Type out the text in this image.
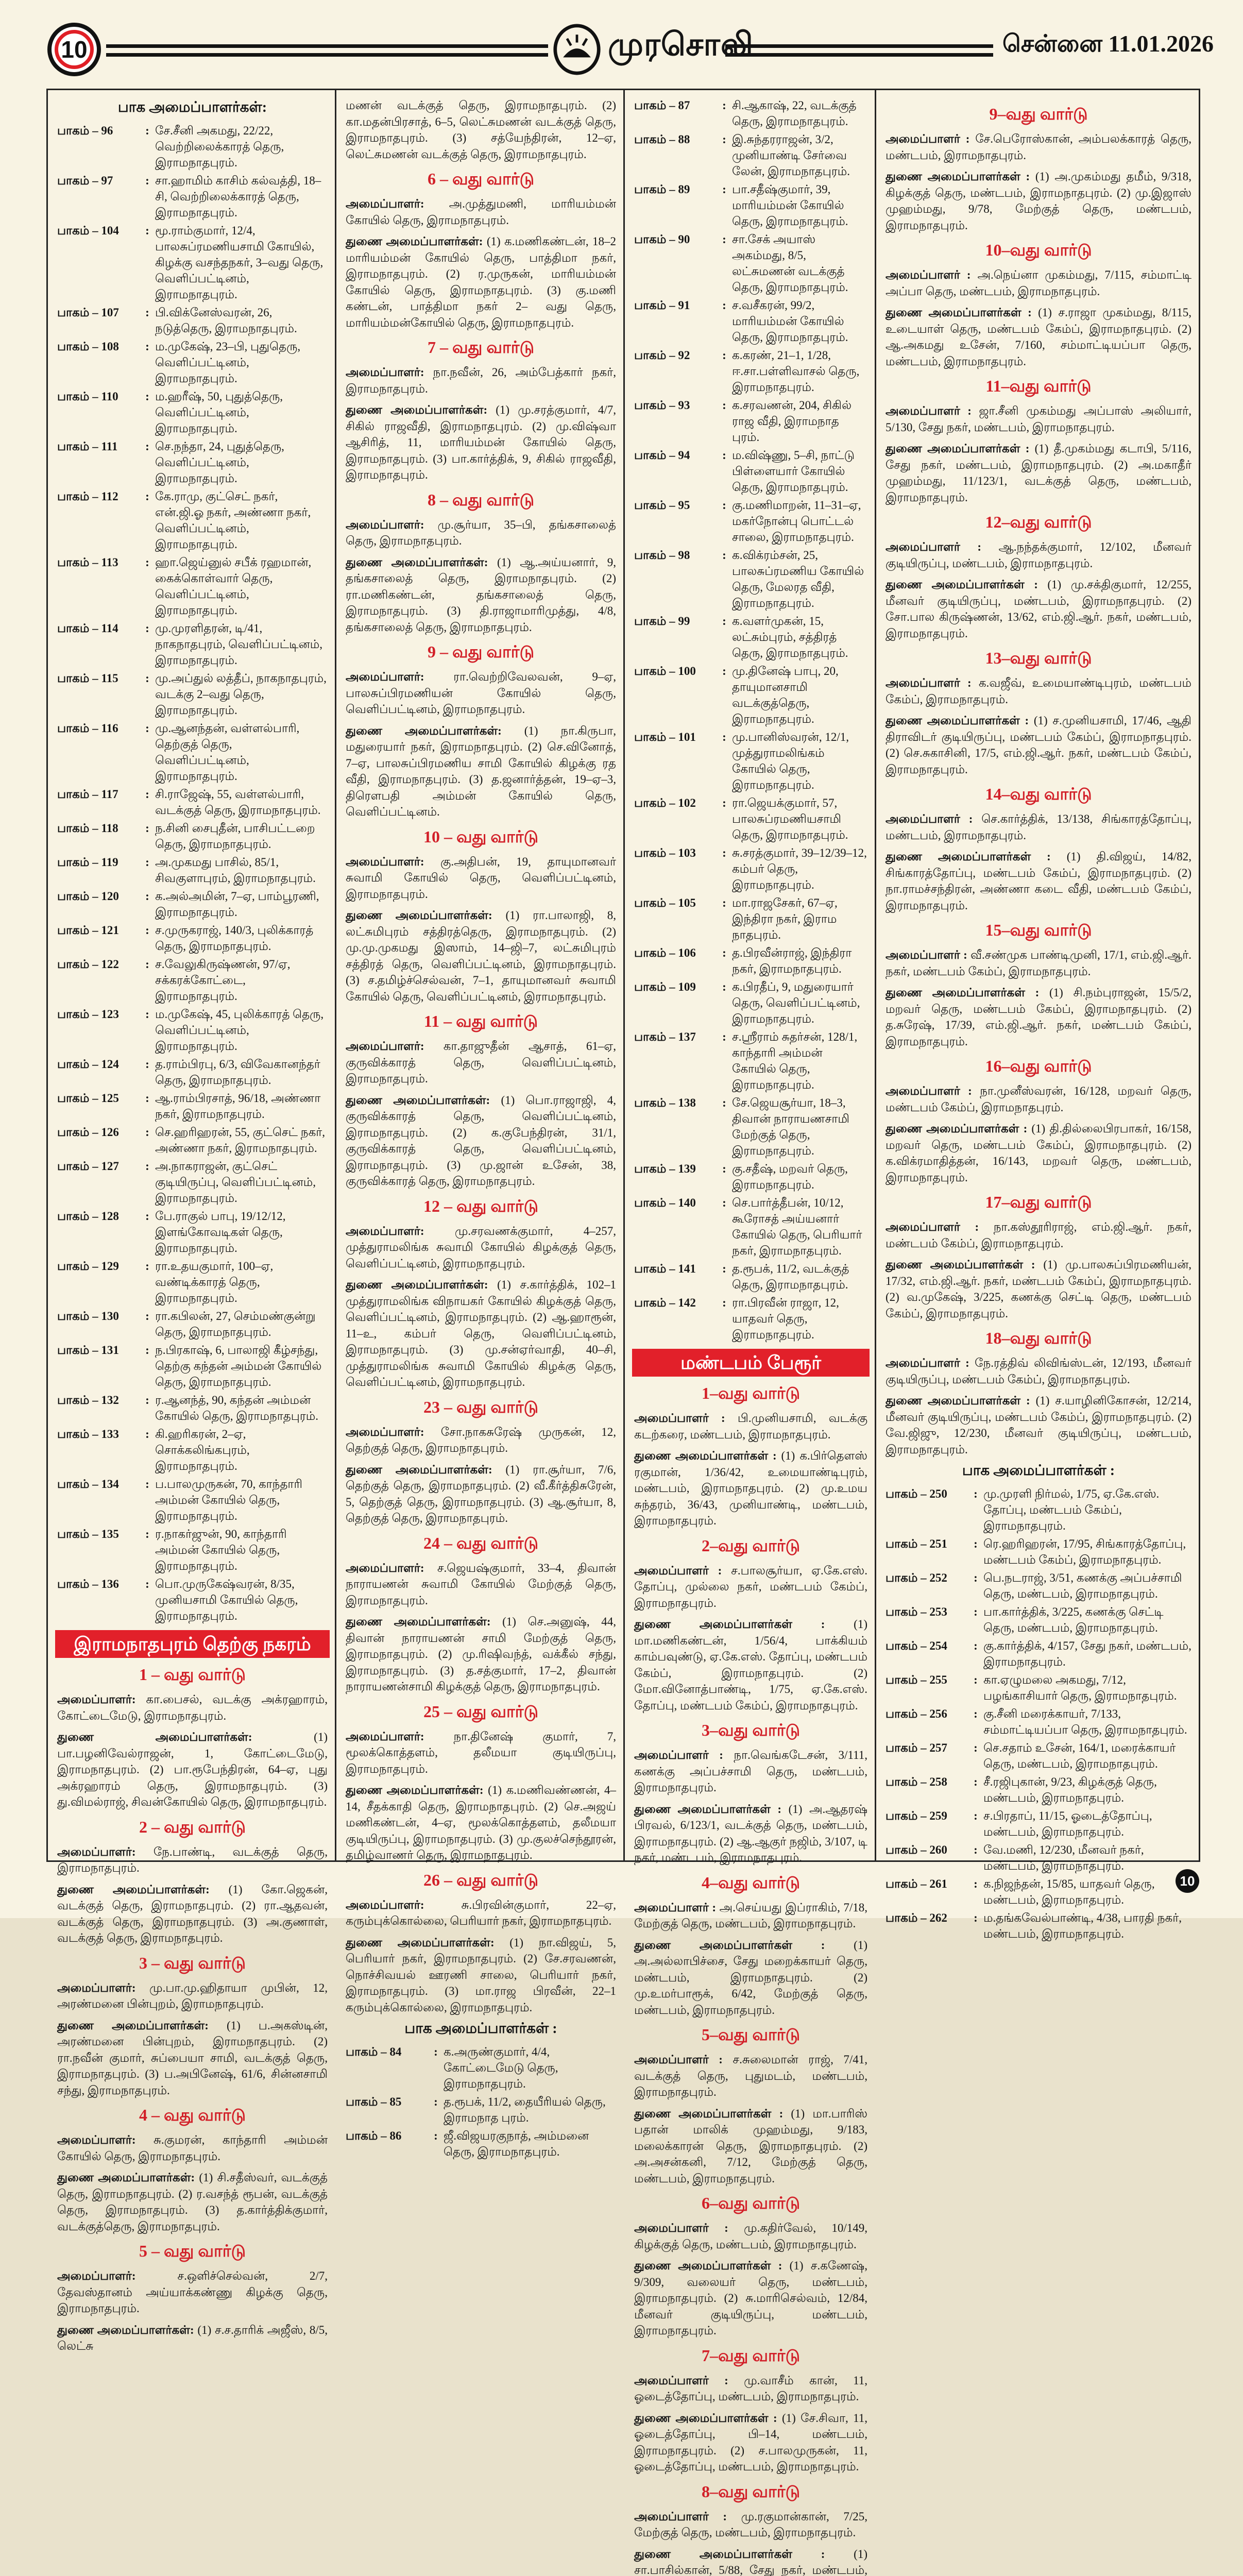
10	முரசொலி	சென்னை 11.01.2026
பாக அமைப்பாளர்கள்:
பாகம் – 96	: சே.சீனி அகமது, 22/22, வெற்றிலைக்காரத் தெரு, இராமநாதபுரம்.
பாகம் – 97	: சா.ஹாமிம் காசிம் கல்வத்தி, 18–சி, வெற்றிலைக்காரத் தெரு, இராமநாதபுரம்.
பாகம் – 104	: மூ.ராம்குமார், 12/4, பாலசுப்ரமணியசாமி கோயில், கிழக்கு வசந்தநகர், 3–வது தெரு, வெளிப்பட்டினம், இராமநாதபுரம்.
பாகம் – 107	: பி.விக்னேஸ்வரன், 26, நடுத்தெரு, இராமநாதபுரம்.
பாகம் – 108	: ம.முகேஷ், 23–பி, புதுதெரு, வெளிப்பட்டினம், இராமநாதபுரம்.
பாகம் – 110	: ம.ஹரீஷ், 50, புதுத்தெரு, வெளிப்பட்டினம், இராமநாதபுரம்.
பாகம் – 111	: செ.நந்தா, 24, புதுத்தெரு, வெளிப்பட்டினம், இராமநாதபுரம்.
பாகம் – 112	: கே.ராமு, குட்செட் நகர், என்.ஜி.ஓ நகர், அண்ணா நகர், வெளிப்பட்டினம், இராமநாதபுரம்.
பாகம் – 113	: ஹா.ஜெய்னுல் சபீக் ரஹமான், கைக்கொள்வார் தெரு, வெளிப்பட்டினம், இராமநாதபுரம்.
பாகம் – 114	: மு.முரளிதரன், டி/41, நாகநாதபுரம், வெளிப்பட்டினம், இராமநாதபுரம்.
பாகம் – 115	: மு.அப்துல் லத்தீப், நாகநாதபுரம், வடக்கு 2–வது தெரு, இராமநாதபுரம்.
பாகம் – 116	: மு.ஆனந்தன், வள்ளல்பாரி, தெற்குத் தெரு, வெளிப்பட்டினம், இராமநாதபுரம்.
பாகம் – 117	: சி.ராஜேஷ், 55, வள்ளல்பாரி, வடக்குத் தெரு, இராமநாதபுரம்.
பாகம் – 118	: ந.சினி சைபுதீன், பாசிபட்டறை தெரு, இராமநாதபுரம்.
பாகம் – 119	: அ.முகமது பாசில், 85/1, சிவகுளாபுரம், இராமநாதபுரம்.
பாகம் – 120	: க.அல்அமின், 7–ஏ, பாம்பூரணி, இராமநாதபுரம்.
பாகம் – 121	: ச.முருகராஜ், 140/3, புலிக்காரத் தெரு, இராமநாதபுரம்.
பாகம் – 122	: ச.வேலுகிருஷ்ணன், 97/ஏ, சக்கரக்கோட்டை, இராமநாதபுரம்.
பாகம் – 123	: ம.முகேஷ், 45, புலிக்காரத் தெரு, வெளிப்பட்டினம், இராமநாதபுரம்.
பாகம் – 124	: த.ராம்பிரபு, 6/3, விவேகானந்தர் தெரு, இராமநாதபுரம்.
பாகம் – 125	: ஆ.ராம்பிரசாத், 96/18, அண்ணா நகர், இராமநாதபுரம்.
பாகம் – 126	: செ.ஹரிஹரன், 55, குட்செட் நகர், அண்ணா நகர், இராமநாதபுரம்.
பாகம் – 127	: அ.நாகராஜன், குட்செட் குடியிருப்பு, வெளிப்பட்டினம், இராமநாதபுரம்.
பாகம் – 128	: பே.ராகுல் பாபு, 19/12/12, இளங்கோவடிகள் தெரு, இராமநாதபுரம்.
பாகம் – 129	: ரா.உதயகுமார், 100–ஏ, வண்டிக்காரத் தெரு, இராமநாதபுரம்.
பாகம் – 130	: ரா.கபிலன், 27, செம்மண்குன்று தெரு, இராமநாதபுரம்.
பாகம் – 131	: ந.பிரகாஷ், 6, பாலாஜி கீழ்சந்து, தெற்கு கந்தன் அம்மன் கோயில் தெரு, இராமநாதபுரம்.
பாகம் – 132	: ர.ஆனந்த், 90, கந்தன் அம்மன் கோயில் தெரு, இராமநாதபுரம்.
பாகம் – 133	: கி.ஹரிகரன், 2–ஏ, சொக்கலிங்கபுரம், இராமநாதபுரம்.
பாகம் – 134	: ப.பாலமுருகன், 70, காந்தாரி அம்மன் கோயில் தெரு, இராமநாதபுரம்.
பாகம் – 135	: ர.நாகர்ஜுன், 90, காந்தாரி அம்மன் கோயில் தெரு, இராமநாதபுரம்.
பாகம் – 136	: பொ.முருகேஷ்வரன், 8/35, முனியசாமி கோயில் தெரு, இராமநாதபுரம்.
இராமநாதபுரம் தெற்கு நகரம்
1 – வது வார்டு

அமைப்பாளர்: கா.பைசல், வடக்கு அக்ரஹாரம், கோட்டைமேடு, இராமநாதபுரம்.

துணை அமைப்பாளர்கள்: (1) பா.பழனிவேல்ராஜன், 1, கோட்டைமேடு, இராமநாதபுரம். (2) பா.ரூபேந்திரன், 64–ஏ, புது அக்ரஹாரம் தெரு, இராமநாதபுரம். (3) து.விமல்ராஜ், சிவன்கோயில் தெரு, இராமநாதபுரம்.

2 – வது வார்டு

அமைப்பாளர்: நே.பாண்டி, வடக்குத் தெரு, இராமநாதபுரம்.

துணை அமைப்பாளர்கள்: (1) கோ.ஜெகன், வடக்குத் தெரு, இராமநாதபுரம். (2) ரா.ஆதவன், வடக்குத் தெரு, இராமநாதபுரம். (3) அ.குணாள், வடக்குத் தெரு, இராமநாதபுரம்.

3 – வது வார்டு

அமைப்பாளர்: மு.பா.மு.ஹிதாயா முபின், 12, அரண்மனை பின்புறம், இராமநாதபுரம்.

துணை அமைப்பாளர்கள்: (1) ப.அகஸ்டின், அரண்மனை பின்புறம், இராமநாதபுரம். (2) ரா.நவீன் குமார், சுப்பையா சாமி, வடக்குத் தெரு, இராமநாதபுரம். (3) ப.அபினேஷ், 61/6, சின்னசாமி சந்து, இராமநாதபுரம்.

4 – வது வார்டு

அமைப்பாளர்: சு.குமரன், காந்தாரி அம்மன் கோயில் தெரு, இராமநாதபுரம்.

துணை அமைப்பாளர்கள்: (1) சி.சதீஸ்வர், வடக்குத் தெரு, இராமநாதபுரம். (2) ர.வசந்த் ரூபன், வடக்குத் தெரு, இராமநாதபுரம். (3) த.கார்த்திக்குமார், வடக்குத்தெரு, இராமநாதபுரம்.

5 – வது வார்டு

அமைப்பாளர்: ச.ஒளிச்செல்வன், 2/7, தேவஸ்தானம் அய்யாக்கண்ணு கிழக்கு தெரு, இராமநாதபுரம்.

துணை அமைப்பாளர்கள்: (1) ச.ச.தாரிக் அஜீஸ், 8/5, லெட்சு

மணன் வடக்குத் தெரு, இராமநாதபுரம். (2) கா.மதன்பிரசாத், 6–5, லெட்சுமணன் வடக்குத் தெரு, இராமநாதபுரம். (3) சத்யேந்திரன், 12–ஏ, லெட்சுமணன் வடக்குத் தெரு, இராமநாதபுரம்.

6 – வது வார்டு

அமைப்பாளர்: அ.முத்துமணி, மாரியம்மன் கோயில் தெரு, இராமநாதபுரம்.

துணை அமைப்பாளர்கள்: (1) க.மணிகண்டன், 18–2 மாரியம்மன் கோயில் தெரு, பாத்திமா நகர், இராமநாதபுரம். (2) ர.முருகன், மாரியம்மன் கோயில் தெரு, இராமநாதபுரம். (3) கு.மணி கண்டன், பாத்திமா நகர் 2– வது தெரு, மாரியம்மன்கோயில் தெரு, இராமநாதபுரம்.

7 – வது வார்டு

அமைப்பாளர்: நா.நவீன், 26, அம்பேத்கார் நகர், இராமநாதபுரம்.

துணை அமைப்பாளர்கள்: (1) மு.சரத்குமார், 4/7, சிகில் ராஜவீதி, இராமநாதபுரம். (2) மு.விஷ்வா ஆசிரித், 11, மாரியம்மன் கோயில் தெரு, இராமநாதபுரம். (3) பா.கார்த்திக், 9, சிகில் ராஜவீதி, இராமநாதபுரம்.

8 – வது வார்டு

அமைப்பாளர்: மு.சூர்யா, 35–பி, தங்கசாலைத் தெரு, இராமநாதபுரம்.

துணை அமைப்பாளர்கள்: (1) ஆ.அய்யனார், 9, தங்கசாலைத் தெரு, இராமநாதபுரம். (2) ரா.மணிகண்டன், தங்கசாலைத் தெரு, இராமநாதபுரம். (3) தி.ராஜாமாரிமுத்து, 4/8, தங்கசாலைத் தெரு, இராமநாதபுரம்.

9 – வது வார்டு

அமைப்பாளர்: ரா.வெற்றிவேலவன், 9–ஏ, பாலசுப்பிரமணியன் கோயில் தெரு, வெளிப்பட்டினம், இராமநாதபுரம்.

துணை அமைப்பாளர்கள்: (1) நா.கிருபா, மதுரையார் நகர், இராமநாதபுரம். (2) செ.வினோத், 7–ஏ, பாலசுப்பிரமணிய சாமி கோயில் கிழக்கு ரத வீதி, இராமநாதபுரம். (3) த.ஜனார்த்தன், 19–ஏ–3, திரௌபதி அம்மன் கோயில் தெரு, வெளிப்பட்டினம்.

10 – வது வார்டு

அமைப்பாளர்: கு.அதிபன், 19, தாயுமானவர் சுவாமி கோயில் தெரு, வெளிப்பட்டினம், இராமநாதபுரம்.

துணை அமைப்பாளர்கள்: (1) ரா.பாலாஜி, 8, லட்சுமிபுரம் சத்திரத்தெரு, இராமநாதபுரம். (2) மு.மு.முகமது இஸாம், 14–ஜி–7, லட்சுமிபுரம் சத்திரத் தெரு, வெளிப்பட்டினம், இராமநாதபுரம். (3) ச.தமிழ்ச்செல்வன், 7–1, தாயுமானவர் சுவாமி கோயில் தெரு, வெளிப்பட்டினம், இராமநாதபுரம்.

11 – வது வார்டு

அமைப்பாளர்: கா.தாஜுதீன் ஆசாத், 61–ஏ, குருவிக்காரத் தெரு, வெளிப்பட்டினம், இராமநாதபுரம்.

துணை அமைப்பாளர்கள்: (1) பொ.ராஜாஜி, 4, குருவிக்காரத் தெரு, வெளிப்பட்டினம், இராமநாதபுரம். (2) க.குபேந்திரன், 31/1, குருவிக்காரத் தெரு, வெளிப்பட்டினம், இராமநாதபுரம். (3) மு.ஜான் உசேன், 38, குருவிக்காரத் தெரு, இராமநாதபுரம்.

12 – வது வார்டு

அமைப்பாளர்: மு.சரவணக்குமார், 4–257, முத்துராமலிங்க சுவாமி கோயில் கிழக்குத் தெரு, வெளிப்பட்டினம், இராமநாதபுரம்.

துணை அமைப்பாளர்கள்: (1) ச.கார்த்திக், 102–1 முத்துராமலிங்க விநாயகர் கோயில் கிழக்குத் தெரு, வெளிப்பட்டினம், இராமநாதபுரம். (2) ஆ.ஹாரூன், 11–உ, கம்பர் தெரு, வெளிப்பட்டினம், இராமநாதபுரம். (3) மு.சன்ஏர்வாதி, 40–சி, முத்துராமலிங்க சுவாமி கோயில் கிழக்கு தெரு, வெளிப்பட்டினம், இராமநாதபுரம்.

23 – வது வார்டு

அமைப்பாளர்: சோ.நாகசுரேஷ் முருகன், 12, தெற்குத் தெரு, இராமநாதபுரம்.

துணை அமைப்பாளர்கள்: (1) ரா.சூர்யா, 7/6, தெற்குத் தெரு, இராமநாதபுரம். (2) வீ.கீர்த்திசுரேன், 5, தெற்குத் தெரு, இராமநாதபுரம். (3) ஆ.சூர்யா, 8, தெற்குத் தெரு, இராமநாதபுரம்.

24 – வது வார்டு

அமைப்பாளர்: ச.ஜெயஷ்குமார், 33–4, திவான் நாராயணன் சுவாமி கோயில் மேற்குத் தெரு, இராமநாதபுரம்.

துணை அமைப்பாளர்கள்: (1) செ.அனுஷ், 44, திவான் நாராயணன் சாமி மேற்குத் தெரு, இராமநாதபுரம். (2) மு.ரிஷிவந்த், வக்கீல் சந்து, இராமநாதபுரம். (3) த.சத்குமார், 17–2, திவான் நாராயணன்சாமி கிழக்குத் தெரு, இராமநாதபுரம்.

25 – வது வார்டு

அமைப்பாளர்: நா.தினேஷ் குமார், 7, மூலக்கொத்தளம், தலீமயா குடியிருப்பு, இராமநாதபுரம்.

துணை அமைப்பாளர்கள்: (1) க.மணிவண்ணன், 4–14, சீதக்காதி தெரு, இராமநாதபுரம். (2) செ.அஜய் மணிகண்டன், 4–ஏ, மூலக்கொத்தளம், தலீமயா குடியிருப்பு, இராமநாதபுரம். (3) மு.குலச்செந்தூரன், தமிழ்வாணர் தெரு, இராமநாதபுரம்.

26 – வது வார்டு

அமைப்பாளர்: சு.பிரவின்குமார், 22–ஏ, கரும்புக்கொல்லை, பெரியார் நகர், இராமநாதபுரம்.

துணை அமைப்பாளர்கள்: (1) நா.விஜய், 5, பெரியார் நகர், இராமநாதபுரம். (2) சே.சரவணன், நொச்சிவயல் ஊரணி சாலை, பெரியார் நகர், இராமநாதபுரம். (3) மா.ராஜ பிரவீன், 22–1 கரும்புக்கொல்லை, இராமநாதபுரம்.

பாக அமைப்பாளர்கள் :
பாகம் – 84	: க.அருண்குமார், 4/4, கோட்டைமேடு தெரு, இராமநாதபுரம்.
பாகம் – 85	: த.ரூபக், 11/2, தையீரியல் தெரு, இராமநாத புரம்.
பாகம் – 86	: ஜீ.விஜயரகுநாத், அம்மனை தெரு, இராமநாதபுரம்.
பாகம் – 87	: சி.ஆகாஷ், 22, வடக்குத் தெரு, இராமநாதபுரம்.
பாகம் – 88	: இ.சுந்தரராஜன், 3/2, முனியாண்டி சேர்வை லேன், இராமநாதபுரம்.
பாகம் – 89	: பா.சதீஷ்குமார், 39, மாரியம்மன் கோயில் தெரு, இராமநாதபுரம்.
பாகம் – 90	: சா.சேக் அயாஸ் அகம்மது, 8/5, லட்சுமணன் வடக்குத் தெரு, இராமநாதபுரம்.
பாகம் – 91	: ச.வசீகரன், 99/2, மாரியம்மன் கோயில் தெரு, இராமநாதபுரம்.
பாகம் – 92	: க.கரண், 21–1, 1/28, ஈ.சா.பள்ளிவாசல் தெரு, இராமநாதபுரம்.
பாகம் – 93	: க.சரவணன், 204, சிகில் ராஜ வீதி, இராமநாத புரம்.
பாகம் – 94	: ம.விஷ்ணு, 5–சி, நாட்டு பிள்ளையார் கோயில் தெரு, இராமநாதபுரம்.
பாகம் – 95	: கு.மணிமாறன், 11–31–ஏ, மகர்நோன்பு பொட்டல் சாலை, இராமநாதபுரம்.
பாகம் – 98	: க.விக்ரம்சன், 25, பாலசுப்ரமணிய கோயில் தெரு, மேலரத வீதி, இராமநாதபுரம்.
பாகம் – 99	: க.வளர்முகன், 15, லட்சும்புரம், சத்திரத் தெரு, இராமநாதபுரம்.
பாகம் – 100	: மு.தினேஷ் பாபு, 20, தாயுமானசாமி வடக்குத்தெரு, இராமநாதபுரம்.
பாகம் – 101	: மு.பானிஸ்வரன், 12/1, முத்துராமலிங்கம் கோயில் தெரு, இராமநாதபுரம்.
பாகம் – 102	: ரா.ஜெயக்குமார், 57, பாலசுப்ரமணியசாமி தெரு, இராமநாதபுரம்.
பாகம் – 103	: சு.சரத்குமார், 39–12/39–12, கம்பர் தெரு, இராமநாதபுரம்.
பாகம் – 105	: மா.ராஜசேகர், 67–ஏ, இந்திரா நகர், இராம நாதபுரம்.
பாகம் – 106	: த.பிரவீன்ராஜ், இந்திரா நகர், இராமநாதபுரம்.
பாகம் – 109	: க.பிரதீப், 9, மதுரையார் தெரு, வெளிப்பட்டினம், இராமநாதபுரம்.
பாகம் – 137	: ச.ஸ்ரீராம் சுதர்சன், 128/1, காந்தாரி அம்மன் கோயில் தெரு, இராமநாதபுரம்.
பாகம் – 138	: சே.ஜெயசூர்யா, 18–3, திவான் நாராயணசாமி மேற்குத் தெரு, இராமநாதபுரம்.
பாகம் – 139	: கு.சதீஷ், மறவர் தெரு, இராமநாதபுரம்.
பாகம் – 140	: செ.பார்த்தீபன், 10/12, கூரோசத் அய்யனார் கோயில் தெரு, பெரியார் நகர், இராமநாதபுரம்.
பாகம் – 141	: த.ரூபக், 11/2, வடக்குத் தெரு, இராமநாதபுரம்.
பாகம் – 142	: ரா.பிரவீன் ராஜா, 12, யாதவர் தெரு, இராமநாதபுரம்.
மண்டபம் பேரூர்
1–வது வார்டு

அமைப்பாளர் : பி.முனியசாமி, வடக்கு கடற்கரை, மண்டபம், இராமநாதபுரம்.

துணை அமைப்பாளர்கள் : (1) க.பிர்தௌஸ் ரகுமான், 1/36/42, உமையாண்டிபுரம், மண்டபம், இராமநாதபுரம். (2) மு.உமய சுந்தரம், 36/43, முனியாண்டி, மண்டபம், இராமநாதபுரம்.

2–வது வார்டு

அமைப்பாளர் : ச.பாலசூர்யா, ஏ.கே.எஸ். தோப்பு, முல்லை நகர், மண்டபம் கேம்ப், இராமநாதபுரம்.

துணை அமைப்பாளர்கள் : (1) மா.மணிகண்டன், 1/56/4, பாக்கியம் காம்பவுண்டு, ஏ.கே.எஸ். தோப்பு, மண்டபம் கேம்ப், இராமநாதபுரம். (2) மோ.வினோத்பாண்டி, 1/75, ஏ.கே.எஸ். தோப்பு, மண்டபம் கேம்ப், இராமநாதபுரம்.

3–வது வார்டு

அமைப்பாளர் : நா.வெங்கடேசன், 3/111, கணக்கு அப்பச்சாமி தெரு, மண்டபம், இராமநாதபுரம்.

துணை அமைப்பாளர்கள் : (1) அ.ஆதரஷ் பிரவல், 6/123/1, வடக்குத் தெரு, மண்டபம், இராமநாதபுரம். (2) ஆ.ஆகுர் நஜிம், 3/107, டி நகர், மண்டபம், இராமநாதபுரம்.

4–வது வார்டு

அமைப்பாளர் : அ.செய்யது இப்ராகிம், 7/18, மேற்குத் தெரு, மண்டபம், இராமநாதபுரம்.

துணை அமைப்பாளர்கள் : (1) அ.அல்லாபிச்சை, சேது மறைக்காயர் தெரு, மண்டபம், இராமநாதபுரம். (2) மு.உமர்பாரூக், 6/42, மேற்குத் தெரு, மண்டபம், இராமநாதபுரம்.

5–வது வார்டு

அமைப்பாளர் : ச.சுலைமான் ராஜ், 7/41, வடக்குத் தெரு, புதுமடம், மண்டபம், இராமநாதபுரம்.

துணை அமைப்பாளர்கள் : (1) மா.பாரிஸ் பதான் மாலிக் முஹம்மது, 9/183, மலைக்காரன் தெரு, இராமநாதபுரம். (2) அ.அசன்கனி, 7/12, மேற்குத் தெரு, மண்டபம், இராமநாதபுரம்.

6–வது வார்டு

அமைப்பாளர் : மு.கதிர்வேல், 10/149, கிழக்குத் தெரு, மண்டபம், இராமநாதபுரம்.

துணை அமைப்பாளர்கள் : (1) ச.கணேஷ், 9/309, வலையர் தெரு, மண்டபம், இராமநாதபுரம். (2) சு.மாரிசெல்வம், 12/84, மீனவர் குடியிருப்பு, மண்டபம், இராமநாதபுரம்.

7–வது வார்டு

அமைப்பாளர் : மு.வாசீம் கான், 11, ஓடைத்தோப்பு, மண்டபம், இராமநாதபுரம்.

துணை அமைப்பாளர்கள் : (1) சே.சிவா, 11, ஓடைத்தோப்பு, பி–14, மண்டபம், இராமநாதபுரம். (2) ச.பாலமுருகன், 11, ஓடைத்தோப்பு, மண்டபம், இராமநாதபுரம்.

8–வது வார்டு

அமைப்பாளர் : மு.ரகுமான்கான், 7/25, மேற்குத் தெரு, மண்டபம், இராமநாதபுரம்.

துணை அமைப்பாளர்கள் : (1) சா.பாசில்கான், 5/88, சேது நகர், மண்டபம்,

9–வது வார்டு

அமைப்பாளர் : சே.பெரோஸ்கான், அம்பலக்காரத் தெரு, மண்டபம், இராமநாதபுரம்.

துணை அமைப்பாளர்கள் : (1) அ.முகம்மது தமீம், 9/318, கிழக்குத் தெரு, மண்டபம், இராமநாதபுரம். (2) மு.இஜாஸ் முஹம்மது, 9/78, மேற்குத் தெரு, மண்டபம், இராமநாதபுரம்.

10–வது வார்டு

அமைப்பாளர் : அ.நெய்னா முகம்மது, 7/115, சம்மாட்டி அப்பா தெரு, மண்டபம், இராமநாதபுரம்.

துணை அமைப்பாளர்கள் : (1) ச.ராஜா முகம்மது, 8/115, உடையாள் தெரு, மண்டபம் கேம்ப், இராமநாதபுரம். (2) ஆ.அகமது உசேன், 7/160, சம்மாட்டியப்பா தெரு, மண்டபம், இராமநாதபுரம்.

11–வது வார்டு

அமைப்பாளர் : ஜா.சீனி முகம்மது அப்பாஸ் அலியார், 5/130, சேது நகர், மண்டபம், இராமநாதபுரம்.

துணை அமைப்பாளர்கள் : (1) தீ.முகம்மது கடாபி, 5/116, சேது நகர், மண்டபம், இராமநாதபுரம். (2) அ.மகாதீர் முஹம்மது, 11/123/1, வடக்குத் தெரு, மண்டபம், இராமநாதபுரம்.

12–வது வார்டு

அமைப்பாளர் : ஆ.நந்தக்குமார், 12/102, மீனவர் குடியிருப்பு, மண்டபம், இராமநாதபுரம்.

துணை அமைப்பாளர்கள் : (1) மு.சக்திகுமார், 12/255, மீனவர் குடியிருப்பு, மண்டபம், இராமநாதபுரம். (2) சோ.பால கிருஷ்ணன், 13/62, எம்.ஜி.ஆர். நகர், மண்டபம், இராமநாதபுரம்.

13–வது வார்டு

அமைப்பாளர் : க.வஜீவ், உமையாண்டிபுரம், மண்டபம் கேம்ப், இராமநாதபுரம்.

துணை அமைப்பாளர்கள் : (1) ச.முனியசாமி, 17/46, ஆதி திராவிடர் குடியிருப்பு, மண்டபம் கேம்ப், இராமநாதபுரம். (2) செ.சுகாசினி, 17/5, எம்.ஜி.ஆர். நகர், மண்டபம் கேம்ப், இராமநாதபுரம்.

14–வது வார்டு

அமைப்பாளர் : செ.கார்த்திக், 13/138, சிங்காரத்தோப்பு, மண்டபம், இராமநாதபுரம்.

துணை அமைப்பாளர்கள் : (1) தி.விஜய், 14/82, சிங்காரத்தோப்பு, மண்டபம் கேம்ப், இராமநாதபுரம். (2) நா.ராமச்சந்திரன், அண்ணா கடை வீதி, மண்டபம் கேம்ப், இராமநாதபுரம்.

15–வது வார்டு

அமைப்பாளர் : வீ.சண்முக பாண்டிமுனி, 17/1, எம்.ஜி.ஆர். நகர், மண்டபம் கேம்ப், இராமநாதபுரம்.

துணை அமைப்பாளர்கள் : (1) சி.நம்புராஜன், 15/5/2, மறவர் தெரு, மண்டபம் கேம்ப், இராமநாதபுரம். (2) த.சுரேஷ், 17/39, எம்.ஜி.ஆர். நகர், மண்டபம் கேம்ப், இராமநாதபுரம்.

16–வது வார்டு

அமைப்பாளர் : நா.முனீஸ்வரன், 16/128, மறவர் தெரு, மண்டபம் கேம்ப், இராமநாதபுரம்.

துணை அமைப்பாளர்கள் : (1) தி.தில்லைபிரபாகர், 16/158, மறவர் தெரு, மண்டபம் கேம்ப், இராமநாதபுரம். (2) க.விக்ரமாதித்தன், 16/143, மறவர் தெரு, மண்டபம், இராமநாதபுரம்.

17–வது வார்டு

அமைப்பாளர் : நா.கஸ்தூரிராஜ், எம்.ஜி.ஆர். நகர், மண்டபம் கேம்ப், இராமநாதபுரம்.

துணை அமைப்பாளர்கள் : (1) மு.பாலசுப்பிரமணியன், 17/32, எம்.ஜி.ஆர். நகர், மண்டபம் கேம்ப், இராமநாதபுரம். (2) வ.முகேஷ், 3/225, கணக்கு செட்டி தெரு, மண்டபம் கேம்ப், இராமநாதபுரம்.

18–வது வார்டு

அமைப்பாளர் : நே.ரத்திவ் லிவிங்ஸ்டன், 12/193, மீனவர் குடியிருப்பு, மண்டபம் கேம்ப், இராமநாதபுரம்.

துணை அமைப்பாளர்கள் : (1) ச.யாழினிகோசன், 12/214, மீனவர் குடியிருப்பு, மண்டபம் கேம்ப், இராமநாதபுரம். (2) வே.ஜிஜு, 12/230, மீனவர் குடியிருப்பு, மண்டபம், இராமநாதபுரம்.

பாக அமைப்பாளர்கள் :
பாகம் – 250	: மு.முரளி நிர்மல், 1/75, ஏ.கே.எஸ். தோப்பு, மண்டபம் கேம்ப், இராமநாதபுரம்.
பாகம் – 251	: ரெ.ஹரிஹரன், 17/95, சிங்காரத்தோப்பு, மண்டபம் கேம்ப், இராமநாதபுரம்.
பாகம் – 252	: பெ.நடராஜ், 3/51, கணக்கு அப்பச்சாமி தெரு, மண்டபம், இராமநாதபுரம்.
பாகம் – 253	: பா.கார்த்திக், 3/225, கணக்கு செட்டி தெரு, மண்டபம், இராமநாதபுரம்.
பாகம் – 254	: கு.கார்த்திக், 4/157, சேது நகர், மண்டபம், இராமநாதபுரம்.
பாகம் – 255	: கா.ஏழுமலை அகமது, 7/12, பழங்காசியார் தெரு, இராமநாதபுரம்.
பாகம் – 256	: கு.சீனி மரைக்காயர், 7/133, சம்மாட்டியப்பா தெரு, இராமநாதபுரம்.
பாகம் – 257	: செ.சதாம் உசேன், 164/1, மரைக்காயர் தெரு, மண்டபம், இராமநாதபுரம்.
பாகம் – 258	: சீ.ரஜிபுகான், 9/23, கிழக்குத் தெரு, மண்டபம், இராமநாதபுரம்.
பாகம் – 259	: ச.பிரதாப், 11/15, ஓடைத்தோப்பு, மண்டபம், இராமநாதபுரம்.
பாகம் – 260	: வே.மணி, 12/230, மீனவர் நகர், மண்டபம், இராமநாதபுரம்.
பாகம் – 261	: க.நிஜந்தன், 15/85, யாதவர் தெரு, மண்டபம், இராமநாதபுரம்.
பாகம் – 262	: ம.தங்கவேல்பாண்டி, 4/38, பாரதி நகர், மண்டபம், இராமநாதபுரம்.
10
